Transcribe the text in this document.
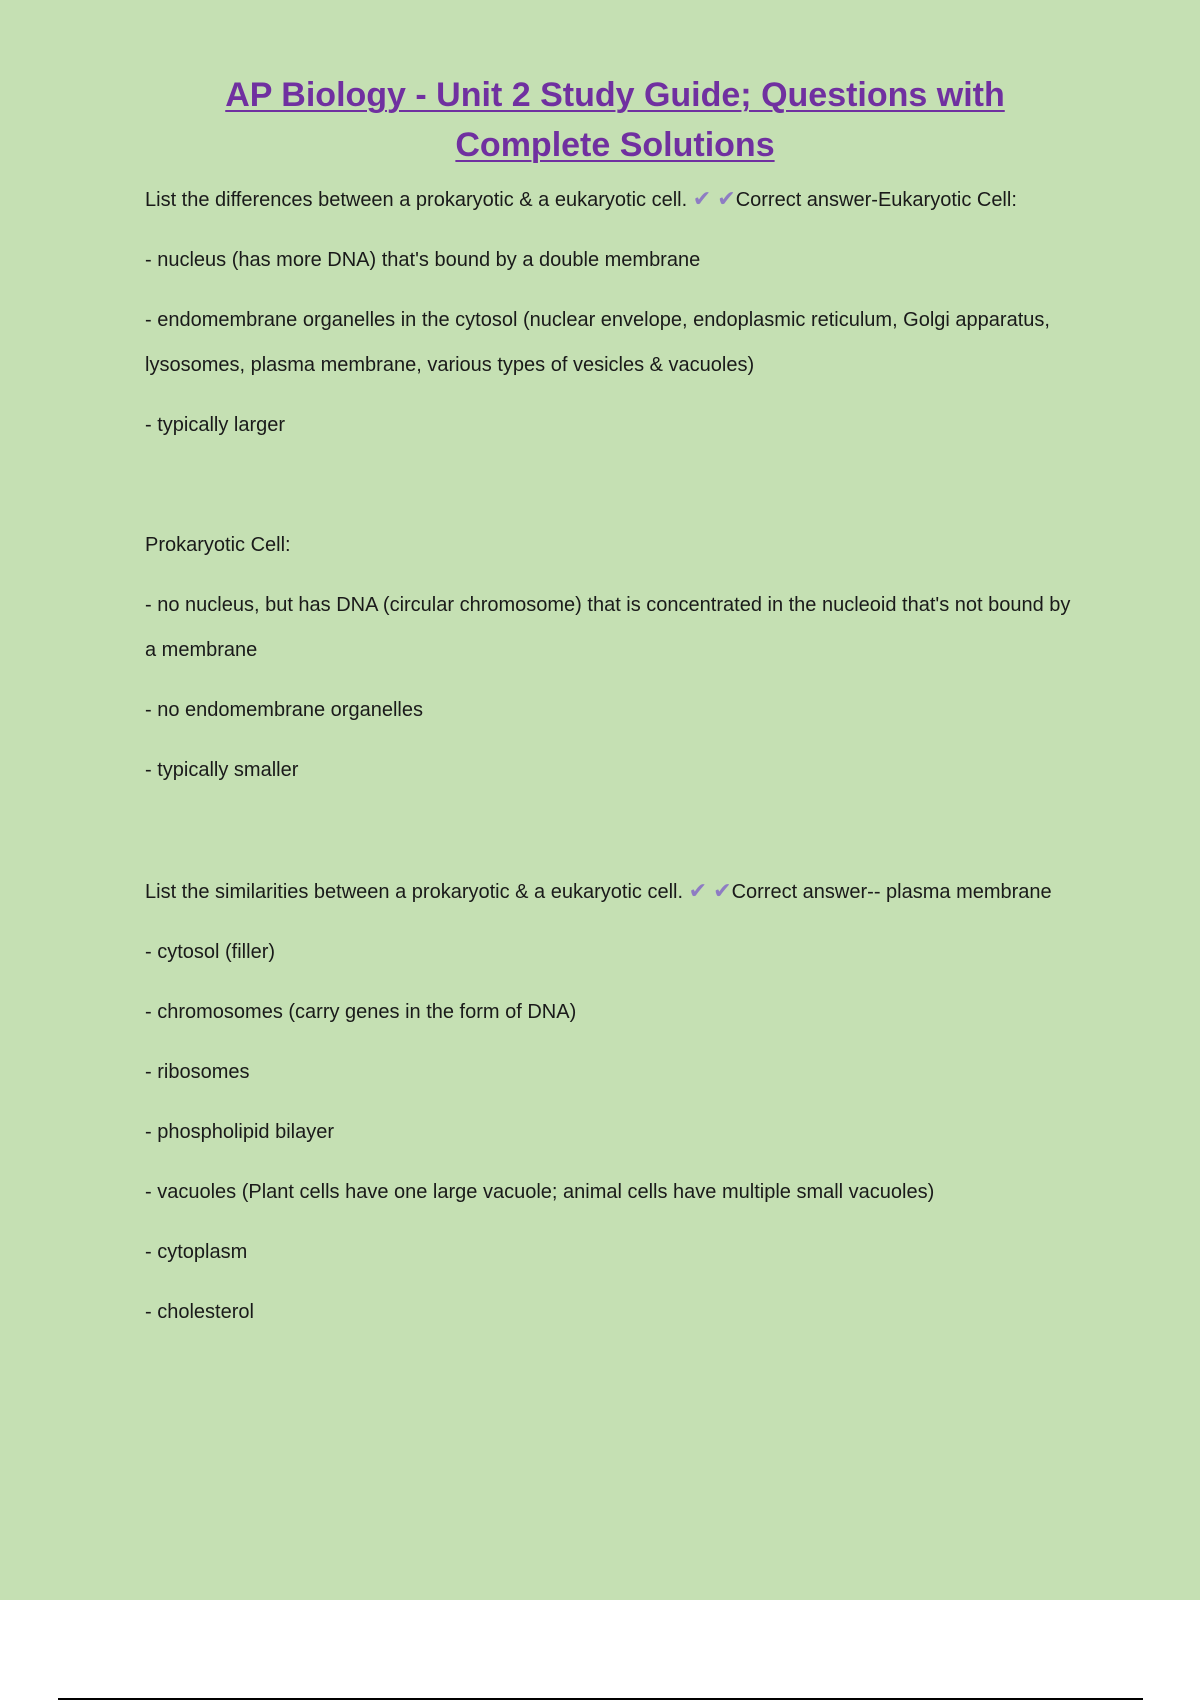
AP Biology - Unit 2 Study Guide; Questions with Complete Solutions

List the differences between a prokaryotic & a eukaryotic cell. ✔ ✔Correct answer-Eukaryotic Cell:

- nucleus (has more DNA) that's bound by a double membrane

- endomembrane organelles in the cytosol (nuclear envelope, endoplasmic reticulum, Golgi apparatus, lysosomes, plasma membrane, various types of vesicles & vacuoles)

- typically larger

Prokaryotic Cell:

- no nucleus, but has DNA (circular chromosome) that is concentrated in the nucleoid that's not bound by a membrane

- no endomembrane organelles

- typically smaller

List the similarities between a prokaryotic & a eukaryotic cell. ✔ ✔Correct answer-- plasma membrane

- cytosol (filler)

- chromosomes (carry genes in the form of DNA)

- ribosomes

- phospholipid bilayer

- vacuoles (Plant cells have one large vacuole; animal cells have multiple small vacuoles)

- cytoplasm

- cholesterol
